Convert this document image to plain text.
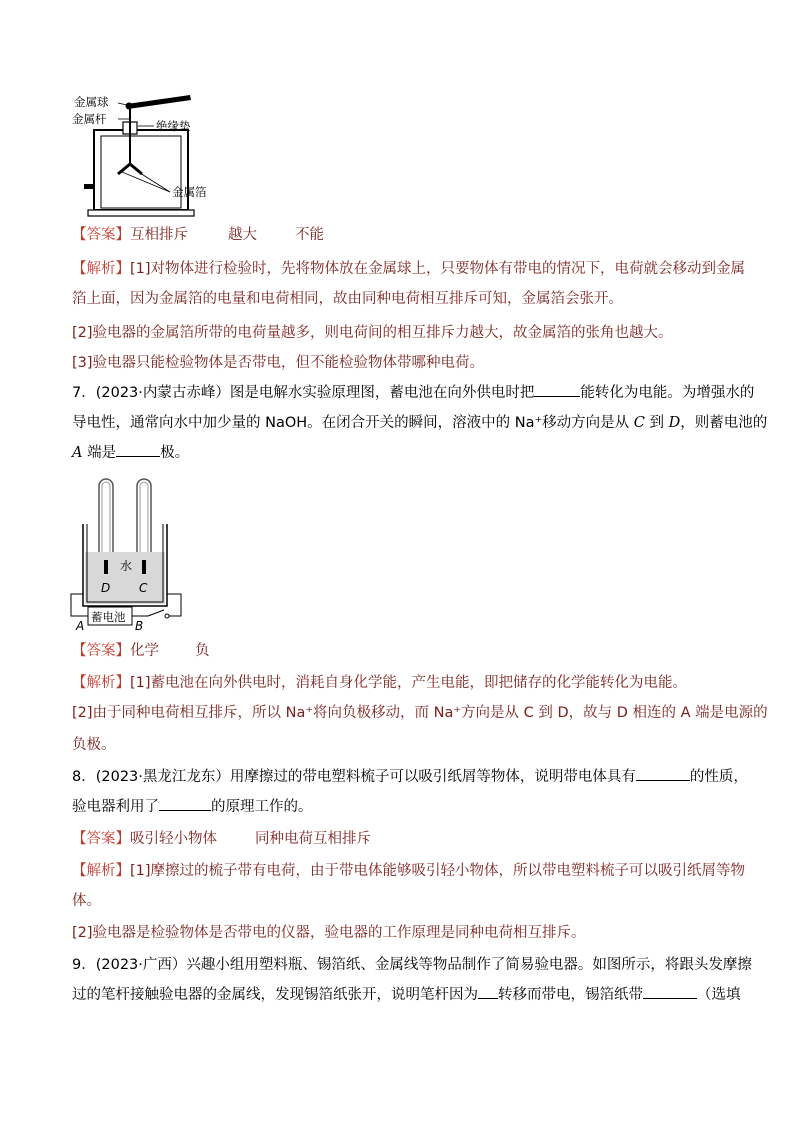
金属球
金属杆	绝缘垫
金属箔
【答案】互相排斥	越大	不能
【解析】[1]对物体进行检验时，先将物体放在金属球上，只要物体有带电的情况下，电荷就会移动到金属
箔上面，因为金属箔的电量和电荷相同，故由同种电荷相互排斥可知，金属箔会张开。
[2]验电器的金属箔所带的电荷量越多，则电荷间的相互排斥力越大，故金属箔的张角也越大。
[3]验电器只能检验物体是否带电，但不能检验物体带哪种电荷。
7．(2023·内蒙古赤峰）图是电解水实验原理图，蓄电池在向外供电时把	能转化为电能。为增强水的
导电性，通常向水中加少量的 NaOH。在闭合开关的瞬间，溶液中的 Na⁺移动方向是从 C 到 D，则蓄电池的
A 端是	极。
水
D C
蓄电池
A	B
【答案】化学 负
【解析】[1]蓄电池在向外供电时，消耗自身化学能，产生电能，即把储存的化学能转化为电能。
[2]由于同种电荷相互排斥，所以 Na⁺将向负极移动，而 Na⁺方向是从 C 到 D，故与 D 相连的 A 端是电源的
负极。
8．(2023·黑龙江龙东）用摩擦过的带电塑料梳子可以吸引纸屑等物体，说明带电体具有	的性质，
验电器利用了	的原理工作的。
【答案】吸引轻小物体	同种电荷互相排斥
【解析】[1]摩擦过的梳子带有电荷，由于带电体能够吸引轻小物体，所以带电塑料梳子可以吸引纸屑等物
体。
[2]验电器是检验物体是否带电的仪器，验电器的工作原理是同种电荷相互排斥。
9．(2023·广西）兴趣小组用塑料瓶、锡箔纸、金属线等物品制作了简易验电器。如图所示，将跟头发摩擦
过的笔杆接触验电器的金属线，发现锡箔纸张开，说明笔杆因为 转移而带电，锡箔纸带	（选填
